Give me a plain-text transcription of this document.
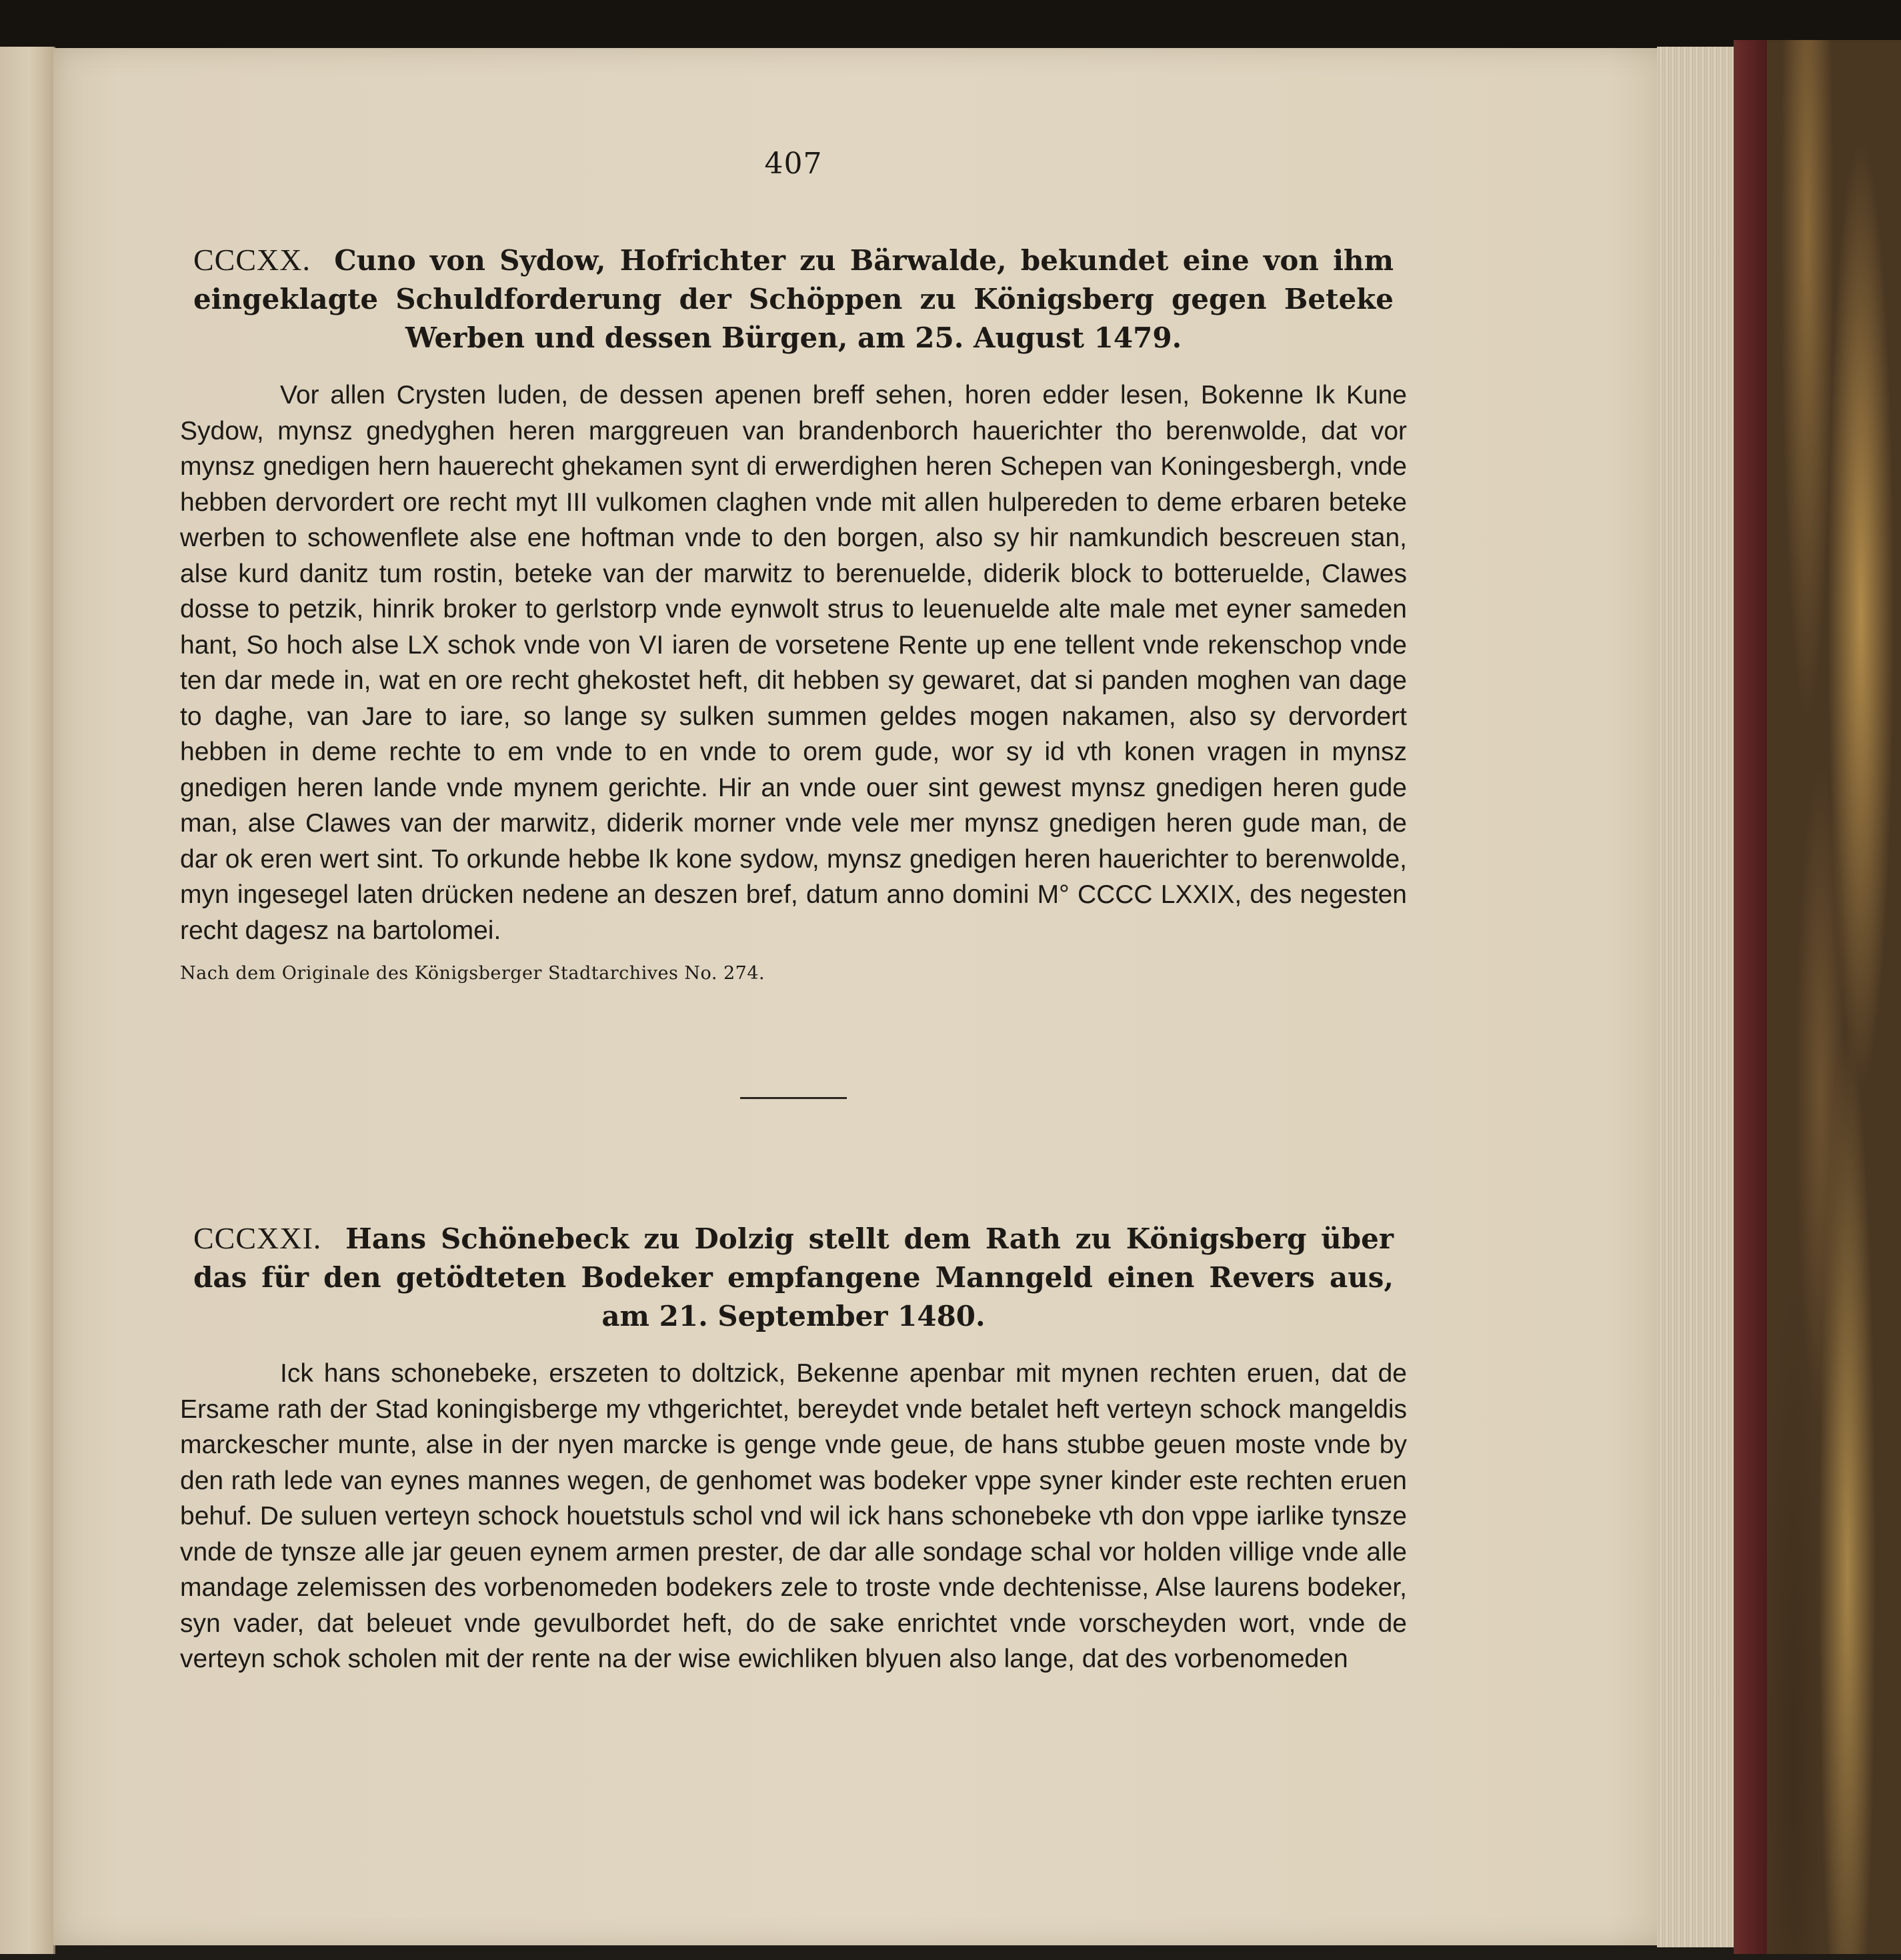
407
CCCXX. Cuno von Sydow, Hofrichter zu Bärwalde, bekundet eine von ihm eingeklagte Schuldforderung der Schöppen zu Königsberg gegen Beteke Werben und dessen Bürgen, am 25. August 1479.

Vor allen Crysten luden, de dessen apenen breff sehen, horen edder lesen, Bokenne Ik Kune Sydow, mynsz gnedyghen heren marggreuen van brandenborch hauerichter tho berenwolde, dat vor mynsz gnedigen hern hauerecht ghekamen synt di erwerdighen heren Schepen van Koningesbergh, vnde hebben dervordert ore recht myt III vulkomen claghen vnde mit allen hulpereden to deme erbaren beteke werben to schowenflete alse ene hoftman vnde to den borgen, also sy hir namkundich bescreuen stan, alse kurd danitz tum rostin, beteke van der marwitz to berenuelde, diderik block to botteruelde, Clawes dosse to petzik, hinrik broker to gerlstorp vnde eynwolt strus to leuenuelde alte male met eyner sameden hant, So hoch alse LX schok vnde von VI iaren de vorsetene Rente up ene tellent vnde rekenschop vnde ten dar mede in, wat en ore recht ghekostet heft, dit hebben sy gewaret, dat si panden moghen van dage to daghe, van Jare to iare, so lange sy sulken summen geldes mogen nakamen, also sy dervordert hebben in deme rechte to em vnde to en vnde to orem gude, wor sy id vth konen vragen in mynsz gnedigen heren lande vnde mynem gerichte. Hir an vnde ouer sint gewest mynsz gnedigen heren gude man, alse Clawes van der marwitz, diderik morner vnde vele mer mynsz gnedigen heren gude man, de dar ok eren wert sint. To orkunde hebbe Ik kone sydow, mynsz gnedigen heren hauerichter to berenwolde, myn ingesegel laten drücken nedene an deszen bref, datum anno domini M° CCCC LXXIX, des negesten recht dagesz na bartolomei.

Nach dem Originale des Königsberger Stadtarchives No. 274.

CCCXXI. Hans Schönebeck zu Dolzig stellt dem Rath zu Königsberg über das für den getödteten Bodeker empfangene Manngeld einen Revers aus, am 21. September 1480.

Ick hans schonebeke, erszeten to doltzick, Bekenne apenbar mit mynen rechten eruen, dat de Ersame rath der Stad koningisberge my vthgerichtet, bereydet vnde betalet heft verteyn schock mangeldis marckescher munte, alse in der nyen marcke is genge vnde geue, de hans stubbe geuen moste vnde by den rath lede van eynes mannes wegen, de genhomet was bodeker vppe syner kinder este rechten eruen behuf. De suluen verteyn schock houetstuls schol vnd wil ick hans schonebeke vth don vppe iarlike tynsze vnde de tynsze alle jar geuen eynem armen prester, de dar alle sondage schal vor holden villige vnde alle mandage zelemissen des vorbenomeden bodekers zele to troste vnde dechtenisse, Alse laurens bodeker, syn vader, dat beleuet vnde gevulbordet heft, do de sake enrichtet vnde vorscheyden wort, vnde de verteyn schok scholen mit der rente na der wise ewichliken blyuen also lange, dat des vorbenomeden
